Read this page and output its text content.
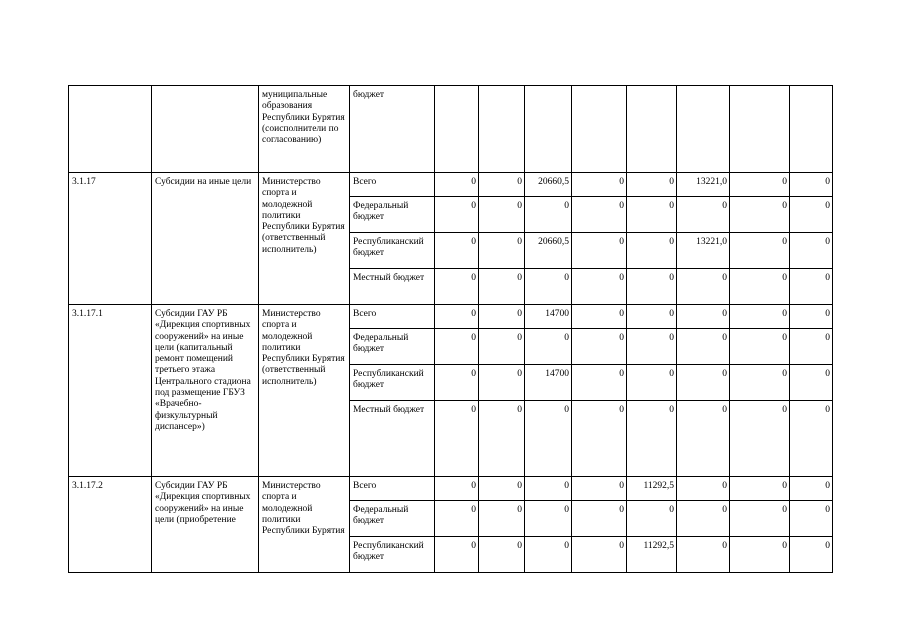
		муниципальные образования Республики Бурятия (соисполнители по согласованию)	бюджет								
3.1.17	Субсидии на иные цели	Министерство спорта и молодежной политики Республики Бурятия (ответственный исполнитель)	Всего	0	0	20660,5	0	0	13221,0	0	0
			Федеральный бюджет	0	0	0	0	0	0	0	0
			Республиканский бюджет	0	0	20660,5	0	0	13221,0	0	0
			Местный бюджет	0	0	0	0	0	0	0	0
3.1.17.1	Субсидии ГАУ РБ «Дирекция спортивных сооружений» на иные цели (капитальный ремонт помещений третьего этажа Центрального стадиона под размещение ГБУЗ «Врачебно-физкультурный диспансер»)	Министерство спорта и молодежной политики Республики Бурятия (ответственный исполнитель)	Всего	0	0	14700	0	0	0	0	0
			Федеральный бюджет	0	0	0	0	0	0	0	0
			Республиканский бюджет	0	0	14700	0	0	0	0	0
			Местный бюджет	0	0	0	0	0	0	0	0
3.1.17.2	Субсидии ГАУ РБ «Дирекция спортивных сооружений» на иные цели (приобретение	Министерство спорта и молодежной политики Республики Бурятия	Всего	0	0	0	0	11292,5	0	0	0
			Федеральный бюджет	0	0	0	0	0	0	0	0
			Республиканский бюджет	0	0	0	0	11292,5	0	0	0
